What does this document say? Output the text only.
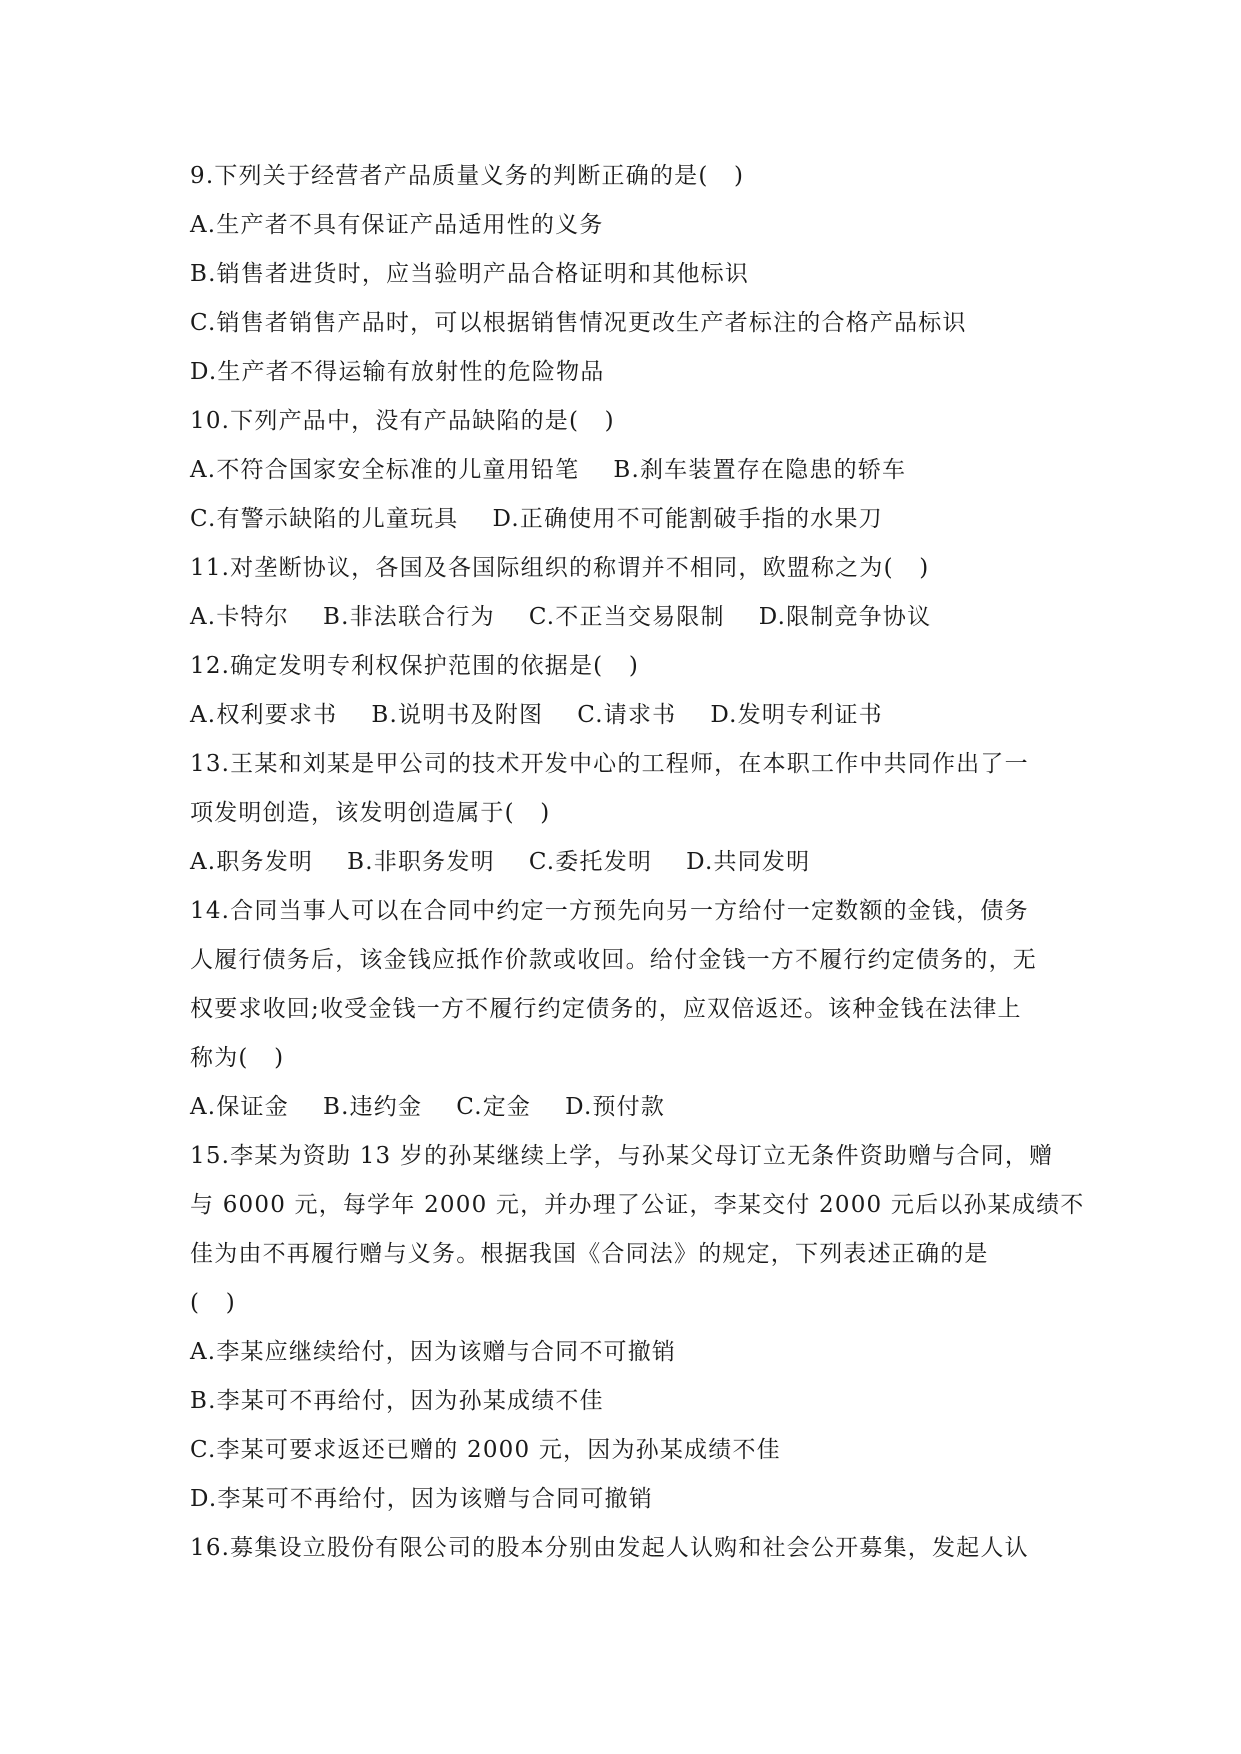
9.下列关于经营者产品质量义务的判断正确的是(   )
A.生产者不具有保证产品适用性的义务
B.销售者进货时，应当验明产品合格证明和其他标识
C.销售者销售产品时，可以根据销售情况更改生产者标注的合格产品标识
D.生产者不得运输有放射性的危险物品
10.下列产品中，没有产品缺陷的是(   )
A.不符合国家安全标准的儿童用铅笔    B.刹车装置存在隐患的轿车
C.有警示缺陷的儿童玩具    D.正确使用不可能割破手指的水果刀
11.对垄断协议，各国及各国际组织的称谓并不相同，欧盟称之为(   )
A.卡特尔    B.非法联合行为    C.不正当交易限制    D.限制竞争协议
12.确定发明专利权保护范围的依据是(   )
A.权利要求书    B.说明书及附图    C.请求书    D.发明专利证书
13.王某和刘某是甲公司的技术开发中心的工程师，在本职工作中共同作出了一
项发明创造，该发明创造属于(   )
A.职务发明    B.非职务发明    C.委托发明    D.共同发明
14.合同当事人可以在合同中约定一方预先向另一方给付一定数额的金钱，债务
人履行债务后，该金钱应抵作价款或收回。给付金钱一方不履行约定债务的，无
权要求收回;收受金钱一方不履行约定债务的，应双倍返还。该种金钱在法律上
称为(   )
A.保证金    B.违约金    C.定金    D.预付款
15.李某为资助 13 岁的孙某继续上学，与孙某父母订立无条件资助赠与合同，赠
与 6000 元，每学年 2000 元，并办理了公证，李某交付 2000 元后以孙某成绩不
佳为由不再履行赠与义务。根据我国《合同法》的规定，下列表述正确的是
(   )
A.李某应继续给付，因为该赠与合同不可撤销
B.李某可不再给付，因为孙某成绩不佳
C.李某可要求返还已赠的 2000 元，因为孙某成绩不佳
D.李某可不再给付，因为该赠与合同可撤销
16.募集设立股份有限公司的股本分别由发起人认购和社会公开募集，发起人认
